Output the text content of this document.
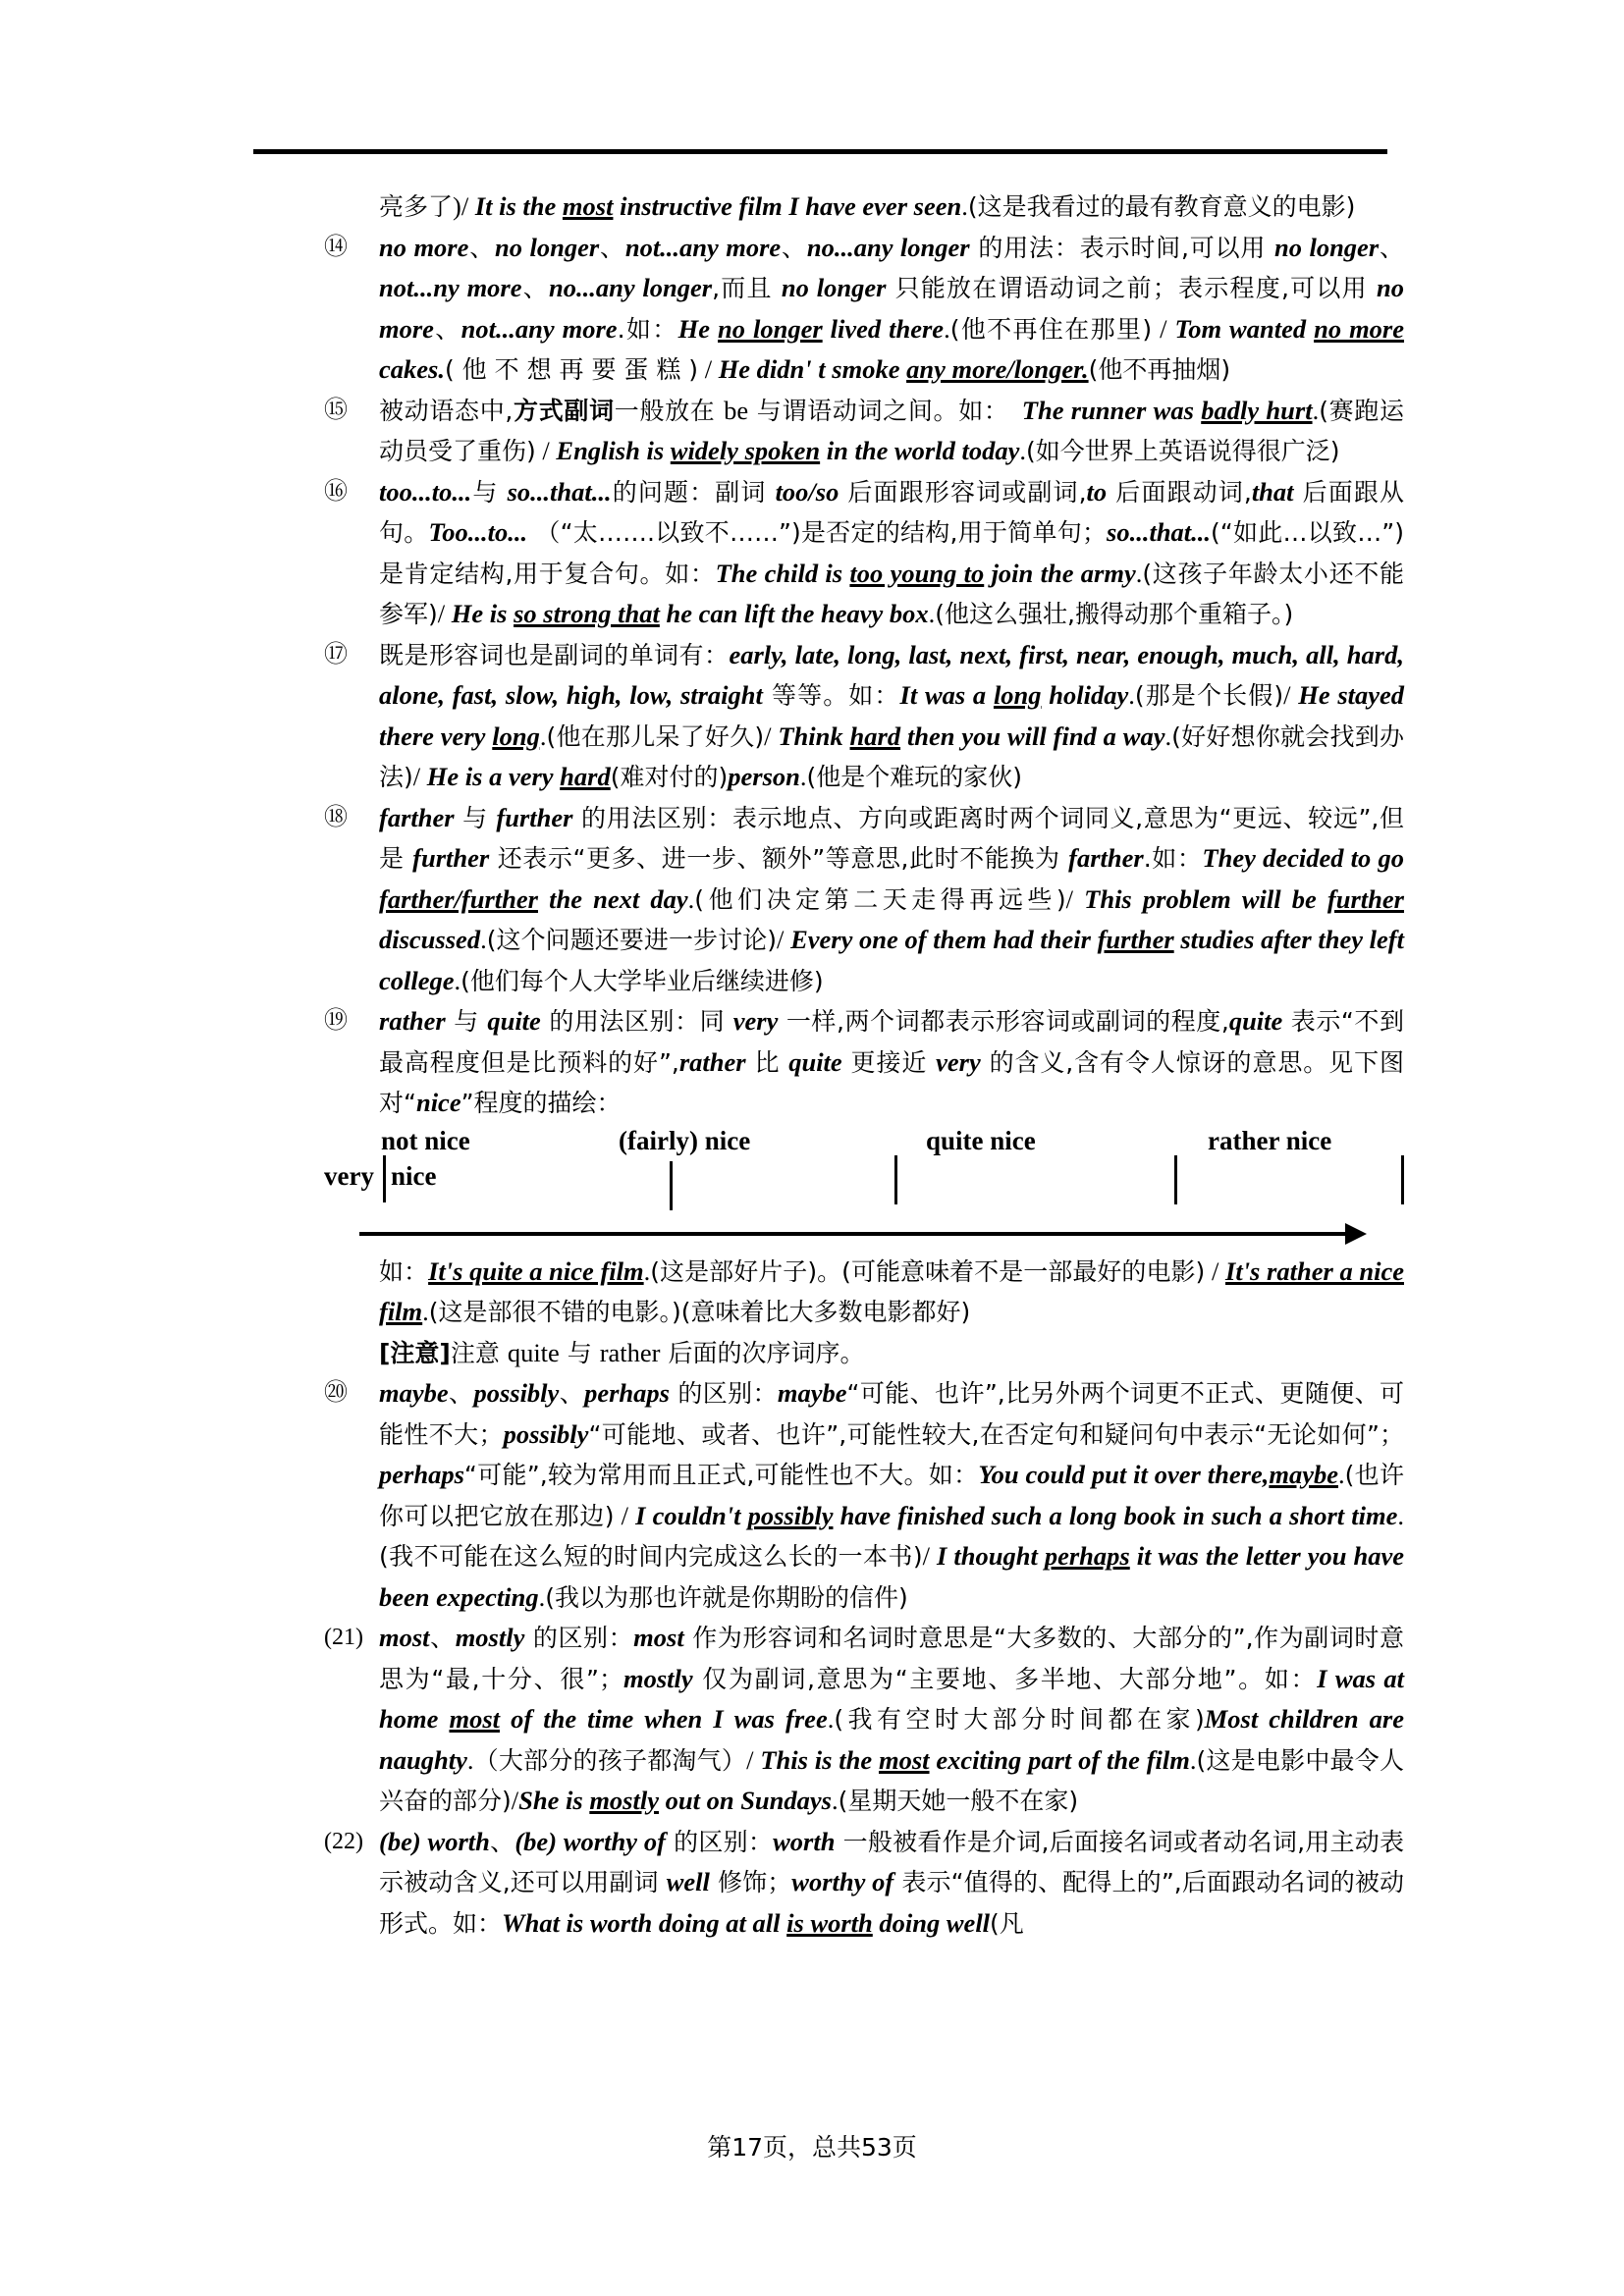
亮多了)/ It is the most instructive film I have ever seen.(这是我看过的最有教育意义的电影)
⑭	no more、no longer、not...any more、no...any longer 的用法：表示时间,可以用 no longer、not...ny more、no...any longer,而且 no longer 只能放在谓语动词之前；表示程度,可以用 no more、not...any more.如：He no longer lived there.(他不再住在那里) / Tom wanted no more cakes.( 他 不 想 再 要 蛋 糕 ) / He didn' t smoke any more/longer.(他不再抽烟)
⑮	被动语态中,方式副词一般放在 be 与谓语动词之间。如：　The runner was badly hurt.(赛跑运动员受了重伤) / English is widely spoken in the world today.(如今世界上英语说得很广泛)
⑯	too...to...与 so...that...的问题：副词 too/so 后面跟形容词或副词,to 后面跟动词,that 后面跟从句。Too...to... （“太…….以致不……”)是否定的结构,用于简单句；so...that...(“如此…以致…”)是肯定结构,用于复合句。如：The child is too young to join the army.(这孩子年龄太小还不能参军)/ He is so strong that he can lift the heavy box.(他这么强壮,搬得动那个重箱子。)
⑰	既是形容词也是副词的单词有：early, late, long, last, next, first, near, enough, much, all, hard, alone, fast, slow, high, low, straight 等等。如：It was a long holiday.(那是个长假)/ He stayed there very long.(他在那儿呆了好久)/ Think hard then you will find a way.(好好想你就会找到办法)/ He is a very hard(难对付的)person.(他是个难玩的家伙)
⑱	farther 与 further 的用法区别：表示地点、方向或距离时两个词同义,意思为“更远、较远”,但是 further 还表示“更多、进一步、额外”等意思,此时不能换为 farther.如：They decided to go farther/further the next day.(他们决定第二天走得再远些)/ This problem will be further discussed.(这个问题还要进一步讨论)/ Every one of them had their further studies after they left college.(他们每个人大学毕业后继续进修)
⑲	rather 与 quite 的用法区别：同 very 一样,两个词都表示形容词或副词的程度,quite 表示“不到最高程度但是比预料的好”,rather 比 quite 更接近 very 的含义,含有令人惊讶的意思。见下图对“nice”程度的描绘：
not nice
very nice
(fairly) nice	quite nice	rather nice
如：It's quite a nice film.(这是部好片子)。(可能意味着不是一部最好的电影) / It's rather a nice film.(这是部很不错的电影。)(意味着比大多数电影都好)
[注意]注意 quite 与 rather 后面的次序词序。
⑳	maybe、possibly、perhaps 的区别：maybe“可能、也许”,比另外两个词更不正式、更随便、可能性不大；possibly“可能地、或者、也许”,可能性较大,在否定句和疑问句中表示“无论如何”；perhaps“可能”,较为常用而且正式,可能性也不大。如：You could put it over there,maybe.(也许你可以把它放在那边) / I couldn't possibly have finished such a long book in such a short time.(我不可能在这么短的时间内完成这么长的一本书)/ I thought perhaps it was the letter you have been expecting.(我以为那也许就是你期盼的信件)
(21) most、mostly 的区别：most 作为形容词和名词时意思是“大多数的、大部分的”,作为副词时意思为“最,十分、很”；mostly 仅为副词,意思为“主要地、多半地、大部分地”。如：I was at home most of the time when I was free.(我有空时大部分时间都在家)Most children are naughty.（大部分的孩子都淘气）/ This is the most exciting part of the film.(这是电影中最令人兴奋的部分)/She is mostly out on Sundays.(星期天她一般不在家)
(22) (be) worth、(be) worthy of 的区别：worth 一般被看作是介词,后面接名词或者动名词,用主动表示被动含义,还可以用副词 well 修饰；worthy of 表示“值得的、配得上的”,后面跟动名词的被动形式。如：What is worth doing at all is worth doing well(凡
第17页，总共53页
